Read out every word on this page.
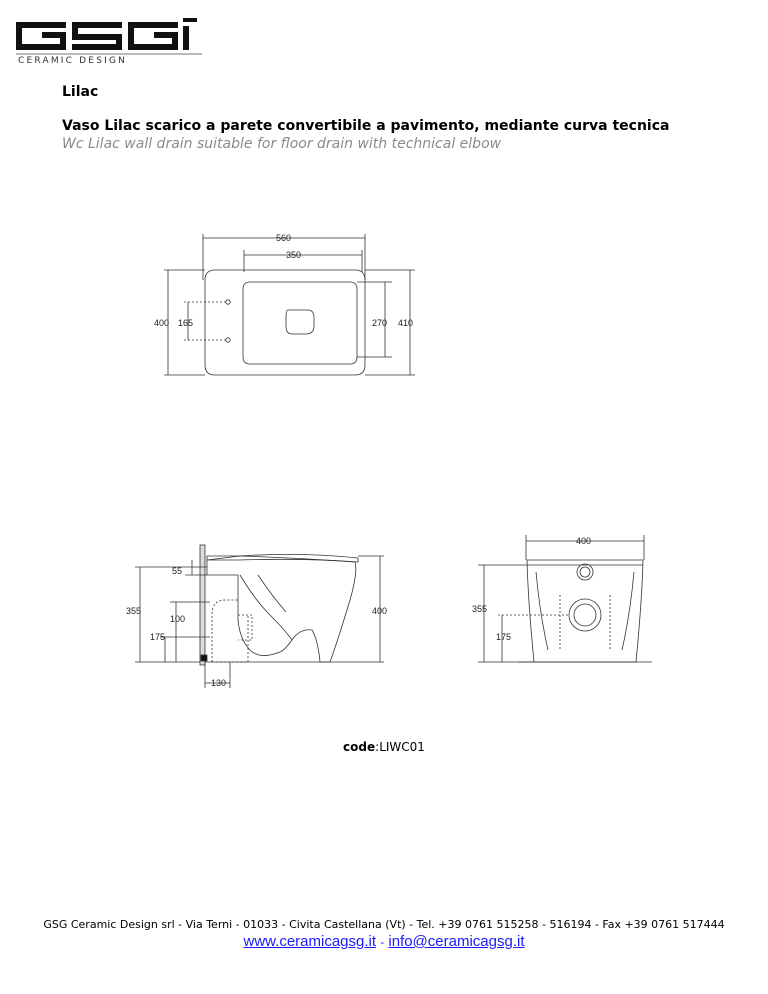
CERAMIC DESIGN
Lilac
Vaso Lilac scarico a parete convertibile a pavimento, mediante curva tecnica
Wc Lilac wall drain suitable for floor drain with technical elbow
560
350
400 165	270 410
55
355
100
175
400
130
400
355
175
code:LIWC01
GSG Ceramic Design srl - Via Terni - 01033 - Civita Castellana (Vt) - Tel. +39 0761 515258 - 516194 - Fax +39 0761 517444
www.ceramicagsg.it - info@ceramicagsg.it
